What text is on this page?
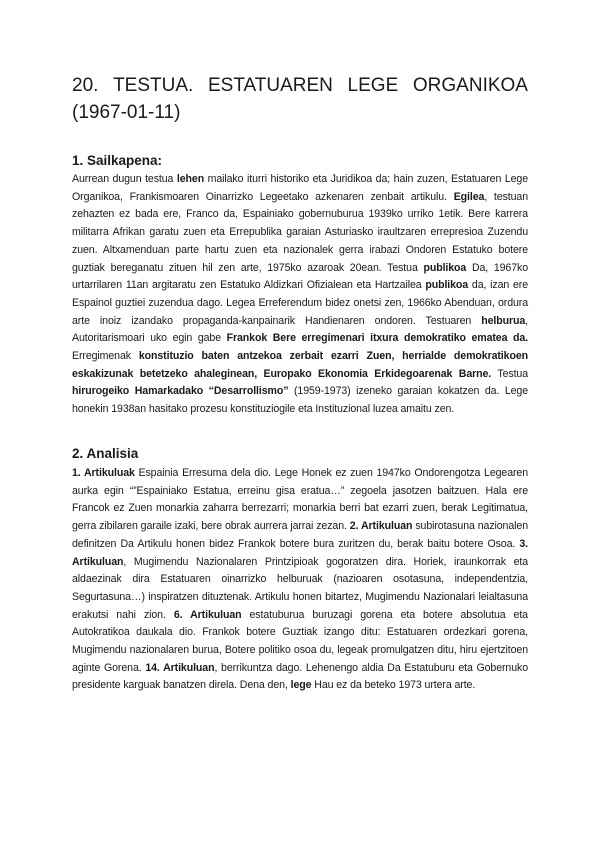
20. TESTUA. ESTATUAREN LEGE ORGANIKOA
(1967-01-11)
1. Sailkapena:

Aurrean dugun testua lehen mailako iturri historiko eta Juridikoa da; hain zuzen, Estatuaren Lege Organikoa, Frankismoaren Oinarrizko Legeetako azkenaren zenbait artikulu. Egilea, testuan zehazten ez bada ere, Franco da, Espainiako gobernuburua 1939ko urriko 1etik. Bere karrera militarra Afrikan garatu zuen eta Errepublika garaian Asturiasko iraultzaren errepresioa Zuzendu zuen. Altxamenduan parte hartu zuen eta nazionalek gerra irabazi Ondoren Estatuko botere guztiak bereganatu zituen hil zen arte, 1975ko azaroak 20ean. Testua publikoa Da, 1967ko urtarrilaren 11an argitaratu zen Estatuko Aldizkari Ofizialean eta Hartzailea publikoa da, izan ere Espainol guztiei zuzendua dago. Legea Erreferendum bidez onetsi zen, 1966ko Abenduan, ordura arte inoiz izandako propaganda-kanpainarik Handienaren ondoren. Testuaren helburua, Autoritarismoari uko egin gabe Frankok Bere erregimenari itxura demokratiko ematea da. Erregimenak konstituzio baten antzekoa zerbait ezarri Zuen, herrialde demokratikoen eskakizunak betetzeko ahaleginean, Europako Ekonomia Erkidegoarenak Barne. Testua hirurogeiko Hamarkadako “Desarrollismo” (1959-1973) izeneko garaian kokatzen da. Lege honekin 1938an hasitako prozesu konstituziogile eta Instituzional luzea amaitu zen.

2. Analisia

1. Artikuluak Espainia Erresuma dela dio. Lege Honek ez zuen 1947ko Ondorengotza Legearen aurka egin “”Espainiako Estatua, erreinu gisa eratua…” zegoela jasotzen baitzuen. Hala ere Francok ez Zuen monarkia zaharra berrezarri; monarkia berri bat ezarri zuen, berak Legitimatua, gerra zibilaren garaile izaki, bere obrak aurrera jarrai zezan. 2. Artikuluan subirotasuna nazionalen definitzen Da Artikulu honen bidez Frankok botere bura zuritzen du, berak baitu botere Osoa. 3. Artikuluan, Mugimendu Nazionalaren Printzipioak gogoratzen dira. Horiek, iraunkorrak eta aldaezinak dira Estatuaren oinarrizko helburuak (nazioaren osotasuna, independentzia, Segurtasuna…) inspiratzen dituztenak. Artikulu honen bitartez, Mugimendu Nazionalari leialtasuna erakutsi nahi zion. 6. Artikuluan estatuburua buruzagi gorena eta botere absolutua eta Autokratikoa daukala dio. Frankok botere Guztiak izango ditu: Estatuaren ordezkari gorena, Mugimendu nazionalaren burua, Botere politiko osoa du, legeak promulgatzen ditu, hiru ejertzitoen aginte Gorena. 14. Artikuluan, berrikuntza dago. Lehenengo aldia Da Estatuburu eta Gobernuko presidente karguak banatzen direla. Dena den, lege Hau ez da beteko 1973 urtera arte.
